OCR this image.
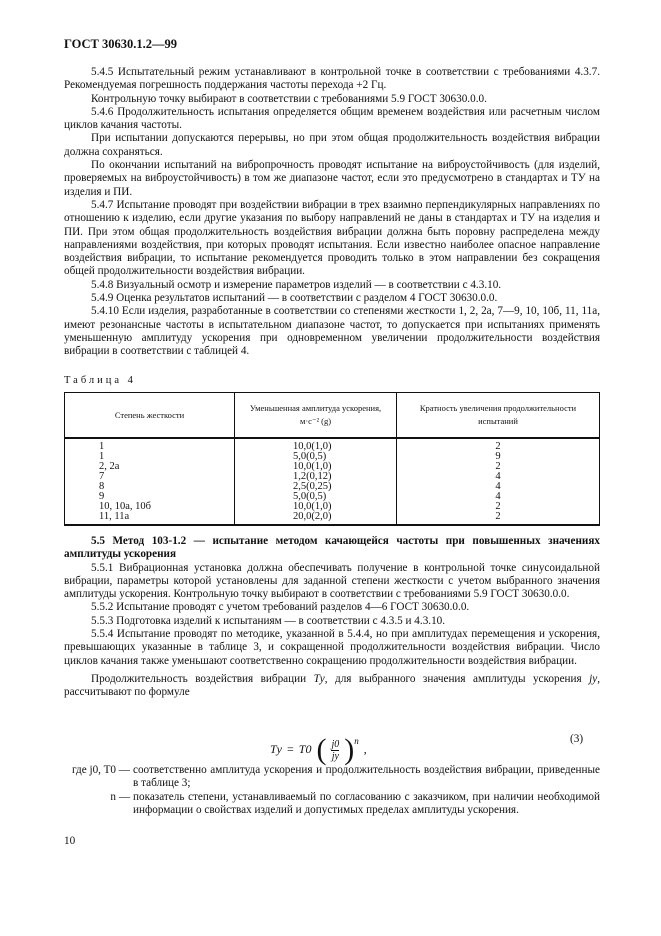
ГОСТ 30630.1.2—99

5.4.5 Испытательный режим устанавливают в контрольной точке в соответствии с требованиями 4.3.7. Рекомендуемая погрешность поддержания частоты перехода +2 Гц.

Контрольную точку выбирают в соответствии с требованиями 5.9 ГОСТ 30630.0.0.

5.4.6 Продолжительность испытания определяется общим временем воздействия или расчетным числом циклов качания частоты.

При испытании допускаются перерывы, но при этом общая продолжительность воздействия вибрации должна сохраняться.

По окончании испытаний на вибропрочность проводят испытание на виброустойчивость (для изделий, проверяемых на виброустойчивость) в том же диапазоне частот, если это предусмотрено в стандартах и ТУ на изделия и ПИ.

5.4.7 Испытание проводят при воздействии вибрации в трех взаимно перпендикулярных направлениях по отношению к изделию, если другие указания по выбору направлений не даны в стандартах и ТУ на изделия и ПИ. При этом общая продолжительность воздействия вибрации должна быть поровну распределена между направлениями воздействия, при которых проводят испытания. Если известно наиболее опасное направление воздействия вибрации, то испытание рекомендуется проводить только в этом направлении без сокращения общей продолжительности воздействия вибрации.

5.4.8 Визуальный осмотр и измерение параметров изделий — в соответствии с 4.3.10.

5.4.9 Оценка результатов испытаний — в соответствии с разделом 4 ГОСТ 30630.0.0.

5.4.10 Если изделия, разработанные в соответствии со степенями жесткости 1, 2, 2а, 7—9, 10, 10б, 11, 11а, имеют резонансные частоты в испытательном диапазоне частот, то допускается при испытаниях применять уменьшенную амплитуду ускорения при одновременном увеличении продолжительности воздействия вибрации в соответствии с таблицей 4.

Таблица 4
Степень жесткости	Уменьшенная амплитуда ускорения, м·с⁻² (g)	Кратность увеличения продолжительности испытаний
1	10,0(1,0)	2
1	5,0(0,5)	9
2, 2а	10,0(1,0)	2
7	1,2(0,12)	4
8	2,5(0,25)	4
9	5,0(0,5)	4
10, 10а, 10б	10,0(1,0)	2
11, 11а	20,0(2,0)	2

5.5 Метод 103-1.2 — испытание методом качающейся частоты при повышенных значениях амплитуды ускорения

5.5.1 Вибрационная установка должна обеспечивать получение в контрольной точке синусоидальной вибрации, параметры которой установлены для заданной степени жесткости с учетом выбранного значения амплитуды ускорения. Контрольную точку выбирают в соответствии с требованиями 5.9 ГОСТ 30630.0.0.

5.5.2 Испытание проводят с учетом требований разделов 4—6 ГОСТ 30630.0.0.

5.5.3 Подготовка изделий к испытаниям — в соответствии с 4.3.5 и 4.3.10.

5.5.4 Испытание проводят по методике, указанной в 5.4.4, но при амплитудах перемещения и ускорения, превышающих указанные в таблице 3, и сокращенной продолжительности воздействия вибрации. Число циклов качания также уменьшают соответственно сокращению продолжительности воздействия вибрации.

Продолжительность воздействия вибрации Tу, для выбранного значения амплитуды ускорения jу, рассчитывают по формуле

Tу = T0 ( $\frac{j0}{jу} )^n$
,
(3)
где j0, T0 — соответственно амплитуда ускорения и продолжительность воздействия вибрации, приведенные в таблице 3;
n — показатель степени, устанавливаемый по согласованию с заказчиком, при наличии необходимой информации о свойствах изделий и допустимых пределах амплитуды ускорения.
10
